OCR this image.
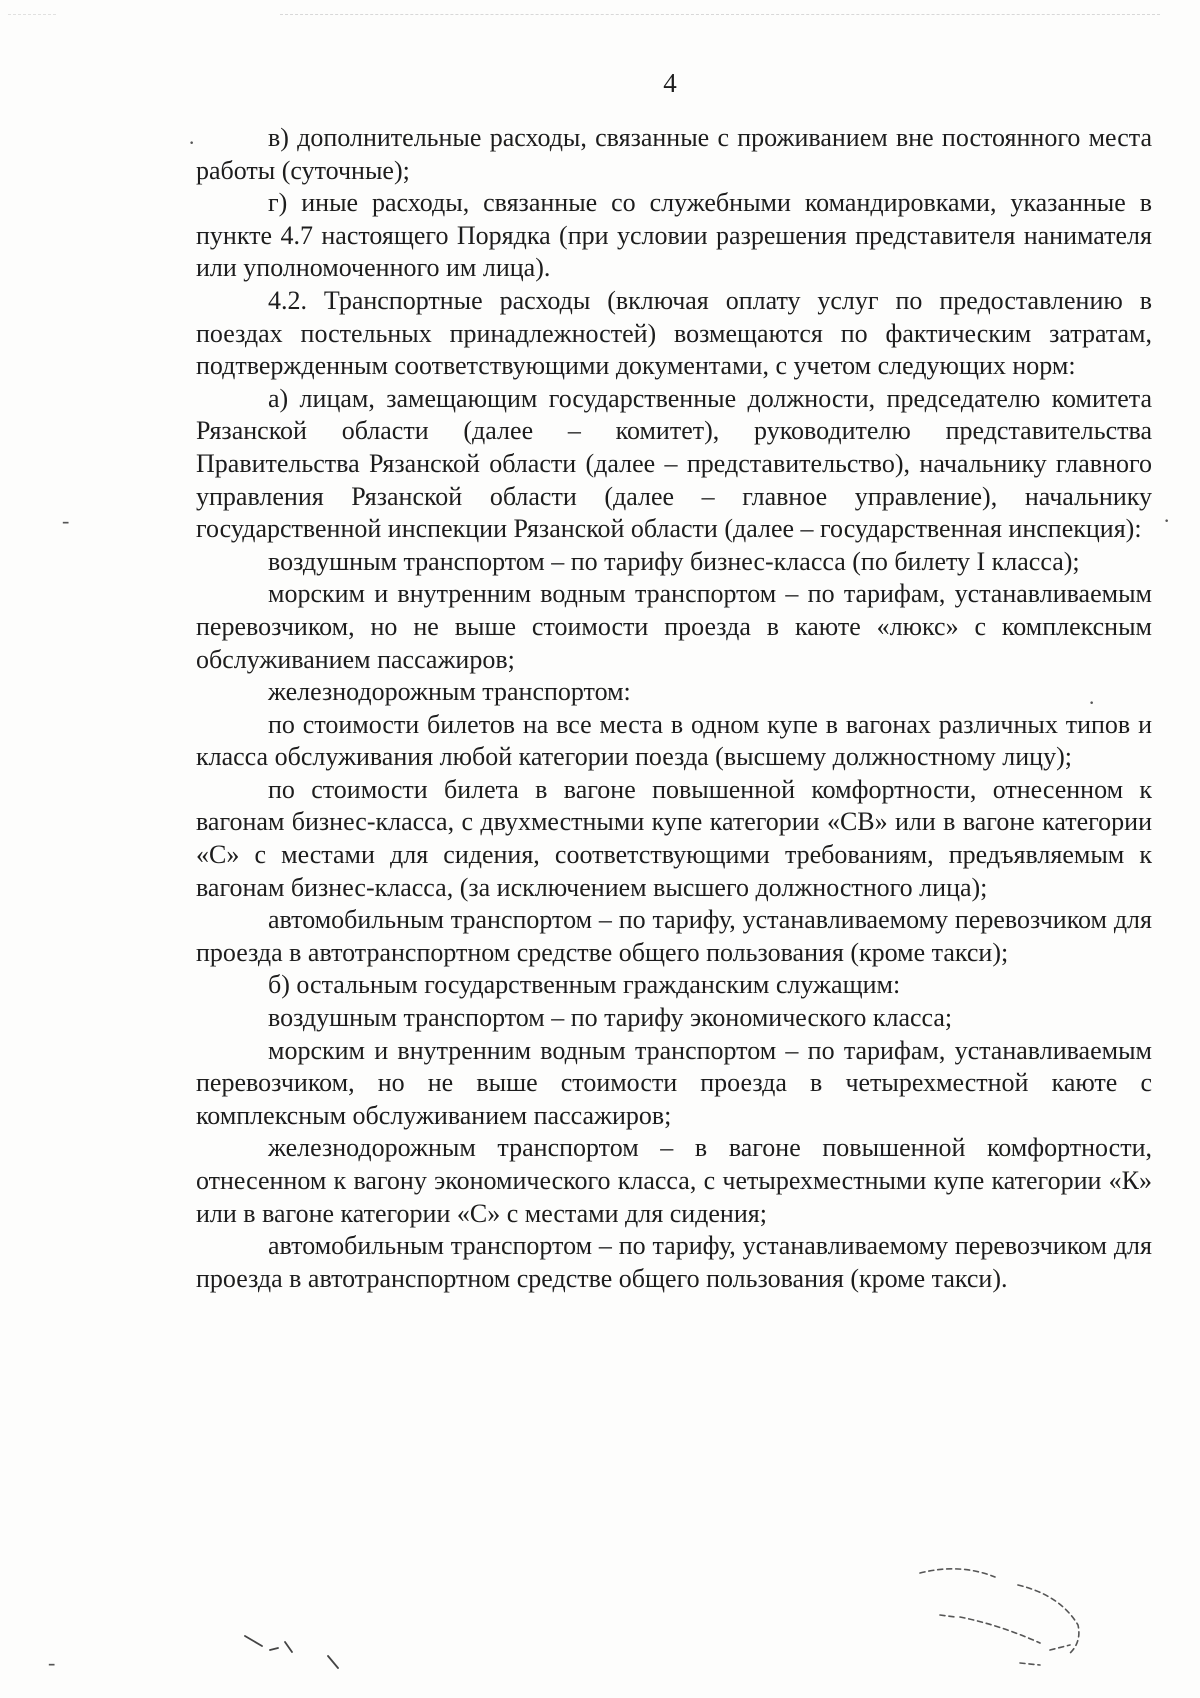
4

в) дополнительные расходы, связанные с проживанием вне постоянного места работы (суточные);

г) иные расходы, связанные со служебными командировками, указанные в пункте 4.7 настоящего Порядка (при условии разрешения представителя нанимателя или уполномоченного им лица).

4.2. Транспортные расходы (включая оплату услуг по предоставлению в поездах постельных принадлежностей) возмещаются по фактическим затратам, подтвержденным соответствующими документами, с учетом следующих норм:

а) лицам, замещающим государственные должности, председателю комитета Рязанской области (далее – комитет), руководителю представительства Правительства Рязанской области (далее – представительство), начальнику главного управления Рязанской области (далее – главное управление), начальнику государственной инспекции Рязанской области (далее – государственная инспекция):

воздушным транспортом – по тарифу бизнес-класса (по билету I класса);

морским и внутренним водным транспортом – по тарифам, устанавливаемым перевозчиком, но не выше стоимости проезда в каюте «люкс» с комплексным обслуживанием пассажиров;

железнодорожным транспортом:

по стоимости билетов на все места в одном купе в вагонах различных типов и класса обслуживания любой категории поезда (высшему должностному лицу);

по стоимости билета в вагоне повышенной комфортности, отнесенном к вагонам бизнес-класса, с двухместными купе категории «СВ» или в вагоне категории «С» с местами для сидения, соответствующими требованиям, предъявляемым к вагонам бизнес-класса, (за исключением высшего должностного лица);

автомобильным транспортом – по тарифу, устанавливаемому перевозчиком для проезда в автотранспортном средстве общего пользования (кроме такси);

б) остальным государственным гражданским служащим:

воздушным транспортом – по тарифу экономического класса;

морским и внутренним водным транспортом – по тарифам, устанавливаемым перевозчиком, но не выше стоимости проезда в четырехместной каюте с комплексным обслуживанием пассажиров;

железнодорожным транспортом – в вагоне повышенной комфортности, отнесенном к вагону экономического класса, с четырехместными купе категории «К» или в вагоне категории «С» с местами для сидения;

автомобильным транспортом – по тарифу, устанавливаемому перевозчиком для проезда в автотранспортном средстве общего пользования (кроме такси).

·
-	·
·
-
